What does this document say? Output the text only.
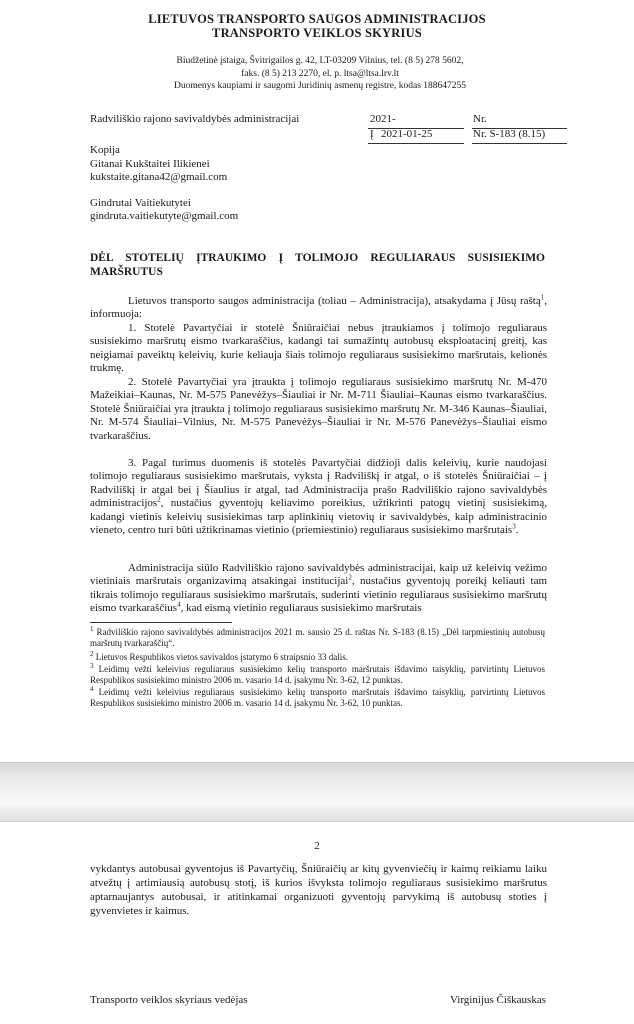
LIETUVOS TRANSPORTO SAUGOS ADMINISTRACIJOS
TRANSPORTO VEIKLOS SKYRIUS
Biudžetinė įstaiga, Švitrigailos g. 42, LT-03209 Vilnius, tel. (8 5) 278 5602,
faks. (8 5) 213 2270, el. p. ltsa@ltsa.lrv.lt
Duomenys kaupiami ir saugomi Juridinių asmenų registre, kodas 188647255
Radviliškio rajono savivaldybės administracijai
Kopija
Gitanai Kukštaitei Ilikienei
kukstaite.gitana42@gmail.com
Gindrutai Vaitiekutytei
gindruta.vaitiekutyte@gmail.com
2021-	Nr.
Į 2021-01-25	Nr. S-183 (8.15)
DĖL STOTELIŲ ĮTRAUKIMO Į TOLIMOJO REGULIARAUS SUSISIEKIMO
MARŠRUTUS
Lietuvos transporto saugos administracija (toliau – Administracija), atsakydama į Jūsų raštą$^1$, informuoja:
1. Stotelė Pavartyčiai ir stotelė Šniūraičiai nebus įtraukiamos į tolimojo reguliaraus susisiekimo maršrutų eismo tvarkaraščius, kadangi tai sumažintų autobusų eksploatacinį greitį, kas neigiamai paveiktų keleivių, kurie keliauja šiais tolimojo reguliaraus susisiekimo maršrutais, kelionės trukmę.
2. Stotelė Pavartyčiai yra įtraukta į tolimojo reguliaraus susisiekimo maršrutų Nr. M-470 Mažeikiai–Kaunas, Nr. M-575 Panevėžys–Šiauliai ir Nr. M-711 Šiauliai–Kaunas eismo tvarkaraščius. Stotelė Šniūraičiai yra įtraukta į tolimojo reguliaraus susisiekimo maršrutų Nr. M-346 Kaunas–Šiauliai, Nr. M-574 Šiauliai–Vilnius, Nr. M-575 Panevėžys–Šiauliai ir Nr. M-576 Panevėžys–Šiauliai eismo tvarkaraščius.
3. Pagal turimus duomenis iš stotelės Pavartyčiai didžioji dalis keleivių, kurie naudojasi tolimojo reguliaraus susisiekimo maršrutais, vyksta į Radviliškį ir atgal, o iš stotelės Šniūraičiai – į Radviliškį ir atgal bei į Šiaulius ir atgal, tad Administracija prašo Radviliškio rajono savivaldybės administracijos$^2$, nustačius gyventojų keliavimo poreikius, užtikrinti patogų vietinį susisiekimą, kadangi vietinis keleivių susisiekimas tarp aplinkinių vietovių ir savivaldybės, kaip administracinio vieneto, centro turi būti užtikrinamas vietinio (priemiestinio) reguliaraus susisiekimo maršrutais$^3$.
Administracija siūlo Radviliškio rajono savivaldybės administracijai, kaip už keleivių vežimo vietiniais maršrutais organizavimą atsakingai institucijai$^2$, nustačius gyventojų poreikį keliauti tam tikrais tolimojo reguliaraus susisiekimo maršrutais, suderinti vietinio reguliaraus susisiekimo maršrutų eismo tvarkaraščius$^4$, kad eismą vietinio reguliaraus susisiekimo maršrutais
$^1$ Radviliškio rajono savivaldybės administracijos 2021 m. sausio 25 d. raštas Nr. S-183 (8.15) „Dėl tarpmiestinių autobusų maršrutų tvarkaraščių“.
$^2$ Lietuvos Respublikos vietos savivaldos įstatymo 6 straipsnio 33 dalis.
$^3$ Leidimų vežti keleivius reguliaraus susisiekimo kelių transporto maršrutais išdavimo taisyklių, patvirtintų Lietuvos Respublikos susisiekimo ministro 2006 m. vasario 14 d. įsakymu Nr. 3-62, 12 punktas.
$^4$ Leidimų vežti keleivius reguliaraus susisiekimo kelių transporto maršrutais išdavimo taisyklių, patvirtintų Lietuvos Respublikos susisiekimo ministro 2006 m. vasario 14 d. įsakymu Nr. 3-62, 10 punktas.
2
vykdantys autobusai gyventojus iš Pavartyčių, Šniūraičių ar kitų gyvenviečių ir kaimų reikiamu laiku atvežtų į artimiausią autobusų stotį, iš kurios išvyksta tolimojo reguliaraus susisiekimo maršrutus aptarnaujantys autobusai, ir atitinkamai organizuoti gyventojų parvykimą iš autobusų stoties į gyvenvietes ir kaimus.
Transporto veiklos skyriaus vedėjas	Virginijus Čiškauskas
